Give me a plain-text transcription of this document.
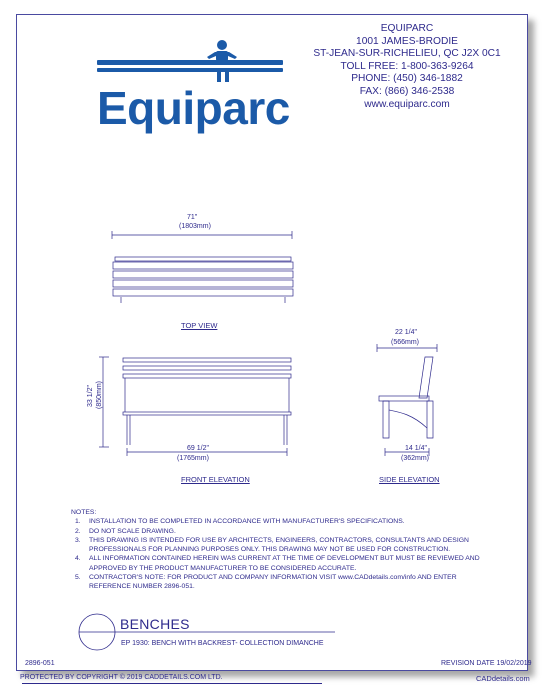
EQUIPARC
1001 JAMES-BRODIE
ST-JEAN-SUR-RICHELIEU, QC J2X 0C1
TOLL FREE: 1-800-363-9264
PHONE: (450) 346-1882
FAX: (866) 346-2538
www.equiparc.com
Equiparc
71"
(1803mm)
TOP VIEW
33 1/2" (850mm)
69 1/2"
(1765mm)
FRONT ELEVATION
22 1/4"
(566mm)
14 1/4"
(362mm)
SIDE ELEVATION
NOTES:
1.	INSTALLATION TO BE COMPLETED IN ACCORDANCE WITH MANUFACTURER'S SPECIFICATIONS.
2.	DO NOT SCALE DRAWING.
3.	THIS DRAWING IS INTENDED FOR USE BY ARCHITECTS, ENGINEERS, CONTRACTORS, CONSULTANTS AND DESIGN
PROFESSIONALS FOR PLANNING PURPOSES ONLY. THIS DRAWING MAY NOT BE USED FOR CONSTRUCTION.
4.	ALL INFORMATION CONTAINED HEREIN WAS CURRENT AT THE TIME OF DEVELOPMENT BUT MUST BE REVIEWED AND
APPROVED BY THE PRODUCT MANUFACTURER TO BE CONSIDERED ACCURATE.
5.	CONTRACTOR'S NOTE: FOR PRODUCT AND COMPANY INFORMATION VISIT www.CADdetails.com/info AND ENTER
REFERENCE NUMBER 2896-051.
BENCHES
EP 1930: BENCH WITH BACKREST- COLLECTION DIMANCHE
2896-051	REVISION DATE 19/02/2019
PROTECTED BY COPYRIGHT © 2019 CADDETAILS.COM LTD.	CADdetails.com
